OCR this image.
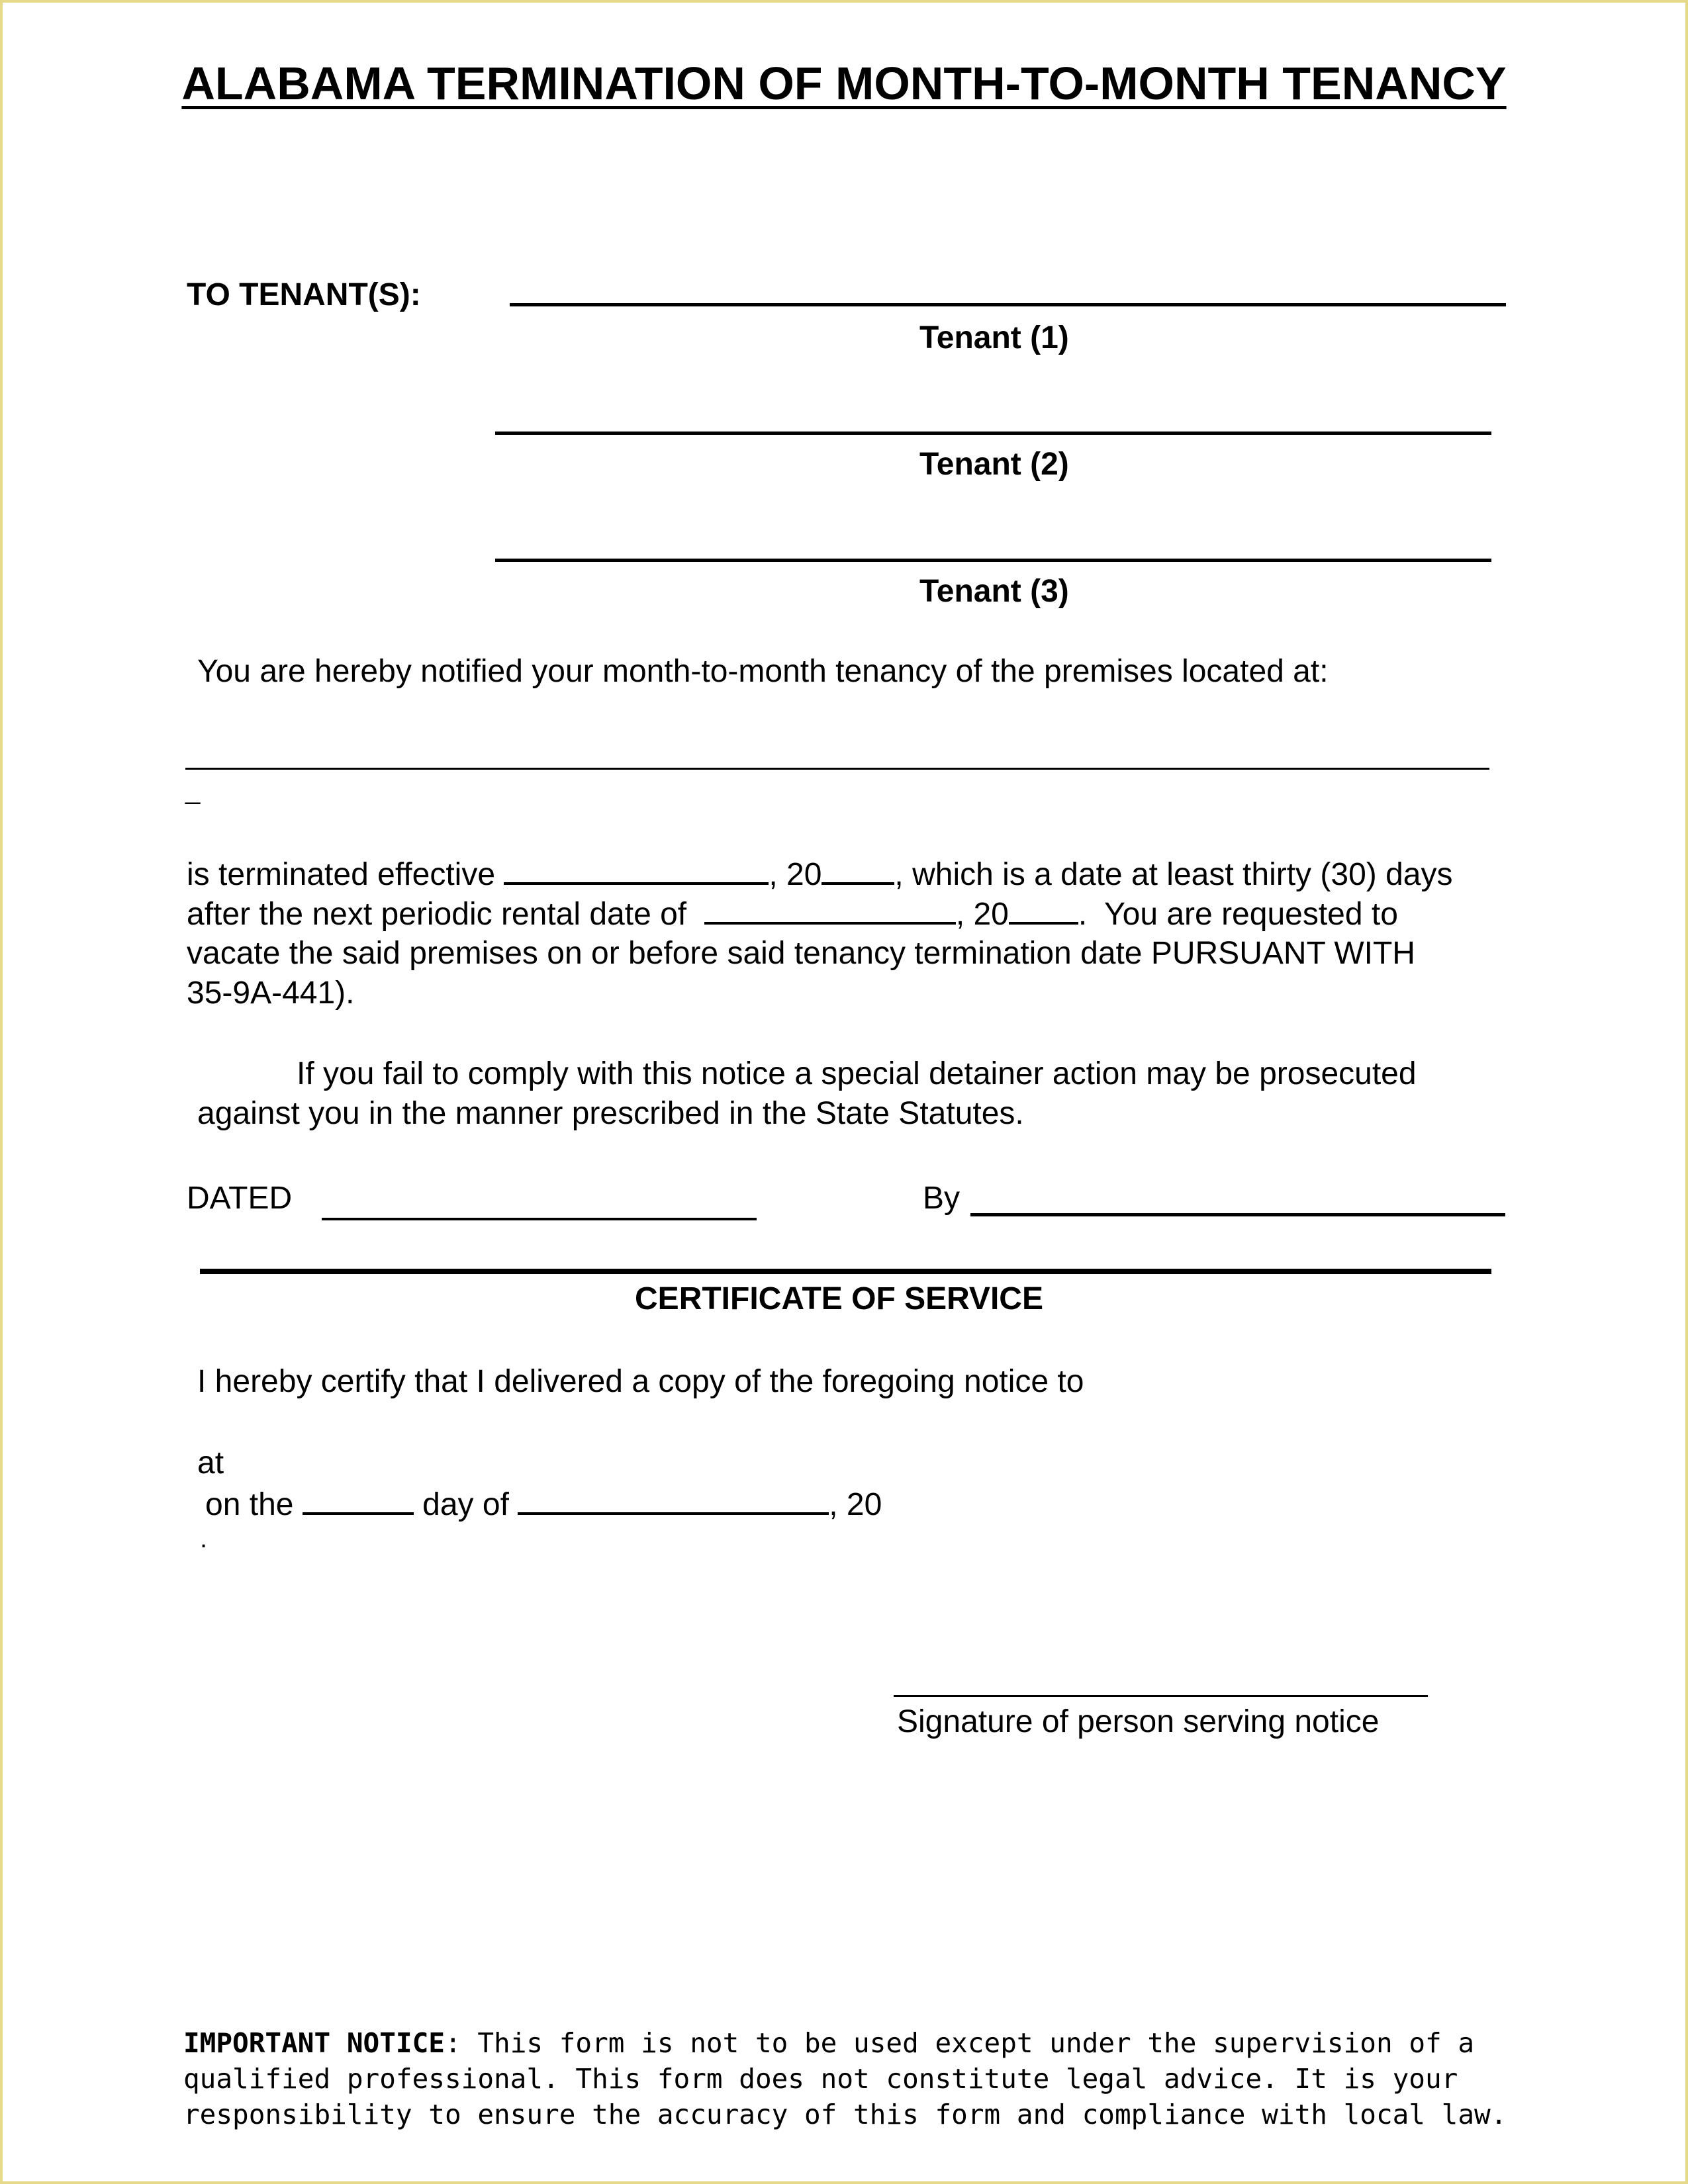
ALABAMA TERMINATION OF MONTH-TO-MONTH TENANCY
TO TENANT(S):
Tenant (1)
Tenant (2)
Tenant (3)
You are hereby notified your month-to-month tenancy of the premises located at:
_
is terminated effective	, 20 , which is a date at least thirty (30) days
after the next periodic rental date of	, 20 .  You are requested to
vacate the said premises on or before said tenancy termination date PURSUANT WITH
35-9A-441).
If you fail to comply with this notice a special detainer action may be prosecuted
against you in the manner prescribed in the State Statutes.
DATED	By
CERTIFICATE OF SERVICE
I hereby certify that I delivered a copy of the foregoing notice to
at
on the	day of	, 20
.
Signature of person serving notice
IMPORTANT NOTICE: This form is not to be used except under the supervision of a qualified professional. This form does not constitute legal advice. It is your responsibility to ensure the accuracy of this form and compliance with local law.
